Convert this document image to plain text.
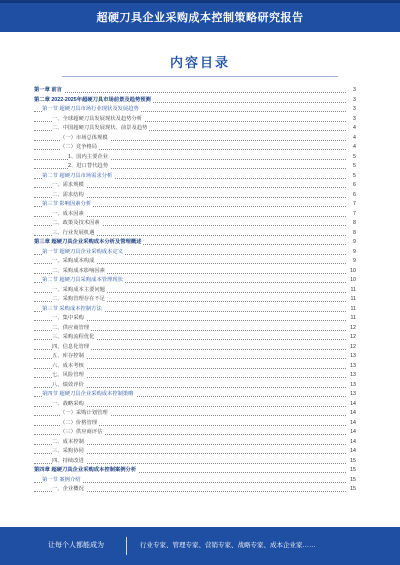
超硬刀具企业采购成本控制策略研究报告
内容目录
第一章 前言	3
第二章 2022-2025年超硬刀具市场前景及趋势预测	3
第一节 超硬刀具市场行业现状及发展趋势	3
一、全球超硬刀具发展现状及趋势分析	3
二、中国超硬刀具发展现状、前景及趋势	4
（一）市场总体规模	4
（二）竞争格局	4
1、国内主要企业	5
2、进口替代趋势	5
第二节 超硬刀具市场需求分析	5
一、需求规模	6
二、需求结构	6
第三节 影响因素分析	7
一、成本因素	7
二、政策及技术因素	8
三、行业发展机遇	8
第三章 超硬刀具企业采购成本分析及管理概述	9
第一节 超硬刀具企业采购成本定义	9
一、采购成本构成	9
二、采购成本影响因素	10
第二节 超硬刀具采购成本管理现状	10
一、采购成本主要问题	11
二、采购管理存在不足	11
第三节 采购成本控制方法	11
一、集中采购	11
二、供应商管理	12
三、采购流程优化	12
四、信息化管理	12
五、库存控制	13
六、成本考核	13
七、风险管理	13
八、绩效评价	13
第四节 超硬刀具企业采购成本控制策略	13
一、战略采购	14
（一）采购计划管理	14
（二）价格管理	14
（三）供应商评估	14
二、成本控制	14
三、采购协同	14
四、持续改进	15
第四章 超硬刀具企业采购成本控制案例分析	15
第一节 案例介绍	15
一、企业概况	15
让每个人都能成为	行业专家、管理专家、营销专家、战略专家、成本企业家……
